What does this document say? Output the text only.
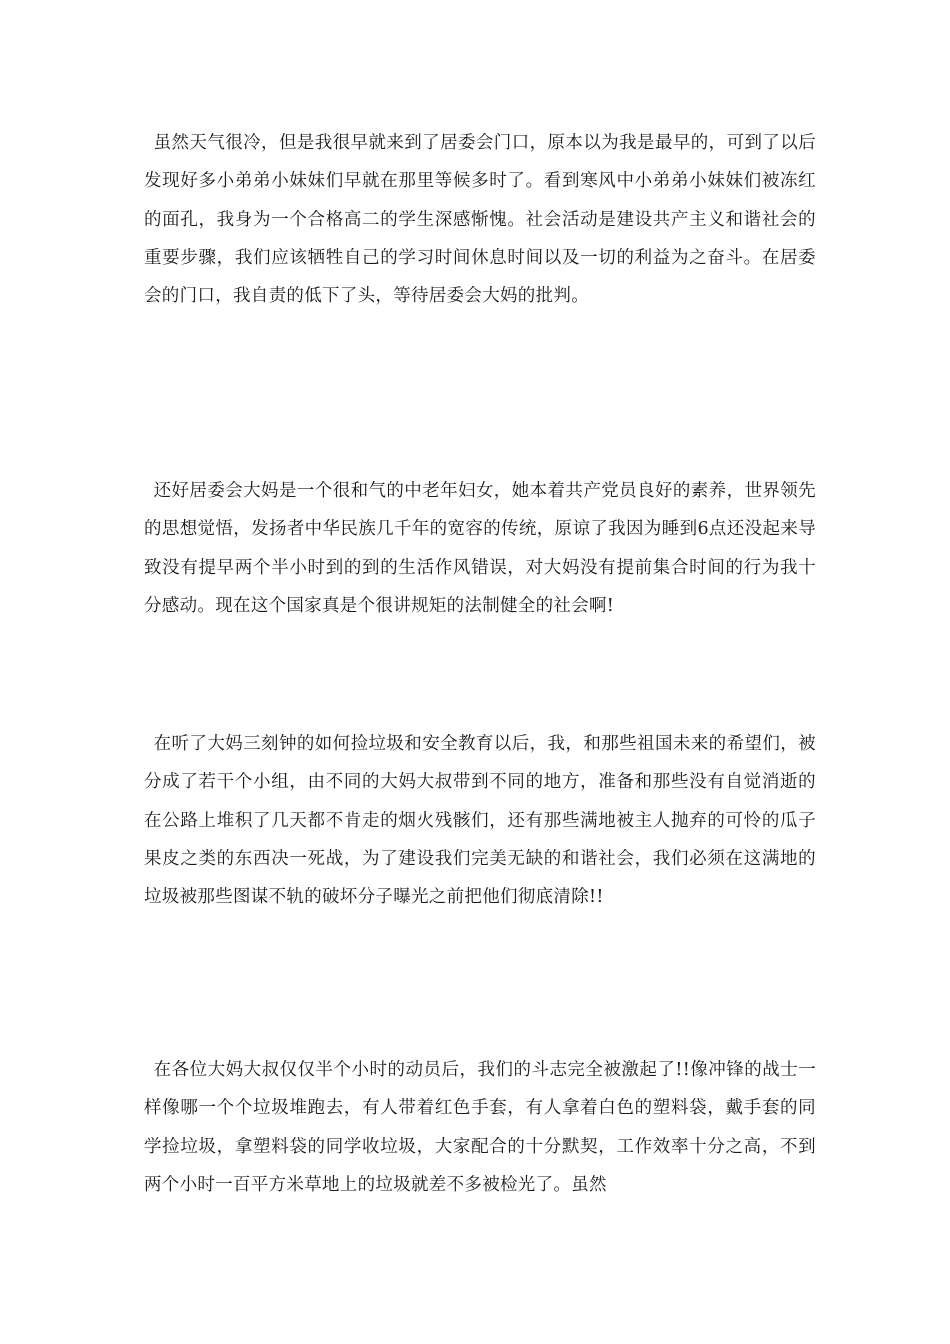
虽然天气很冷，但是我很早就来到了居委会门口，原本以为我是最早的，可到了以后发现好多小弟弟小妹妹们早就在那里等候多时了。看到寒风中小弟弟小妹妹们被冻红的面孔，我身为一个合格高二的学生深感惭愧。社会活动是建设共产主义和谐社会的重要步骤，我们应该牺牲自己的学习时间休息时间以及一切的利益为之奋斗。在居委会的门口，我自责的低下了头，等待居委会大妈的批判。

还好居委会大妈是一个很和气的中老年妇女，她本着共产党员良好的素养，世界领先的思想觉悟，发扬者中华民族几千年的宽容的传统，原谅了我因为睡到6点还没起来导致没有提早两个半小时到的到的生活作风错误，对大妈没有提前集合时间的行为我十分感动。现在这个国家真是个很讲规矩的法制健全的社会啊!

在听了大妈三刻钟的如何捡垃圾和安全教育以后，我，和那些祖国未来的希望们，被分成了若干个小组，由不同的大妈大叔带到不同的地方，准备和那些没有自觉消逝的在公路上堆积了几天都不肯走的烟火残骸们，还有那些满地被主人抛弃的可怜的瓜子果皮之类的东西决一死战，为了建设我们完美无缺的和谐社会，我们必须在这满地的垃圾被那些图谋不轨的破坏分子曝光之前把他们彻底清除!!

在各位大妈大叔仅仅半个小时的动员后，我们的斗志完全被激起了!!像冲锋的战士一样像哪一个个垃圾堆跑去，有人带着红色手套，有人拿着白色的塑料袋，戴手套的同学捡垃圾，拿塑料袋的同学收垃圾，大家配合的十分默契，工作效率十分之高，不到两个小时一百平方米草地上的垃圾就差不多被检光了。虽然
